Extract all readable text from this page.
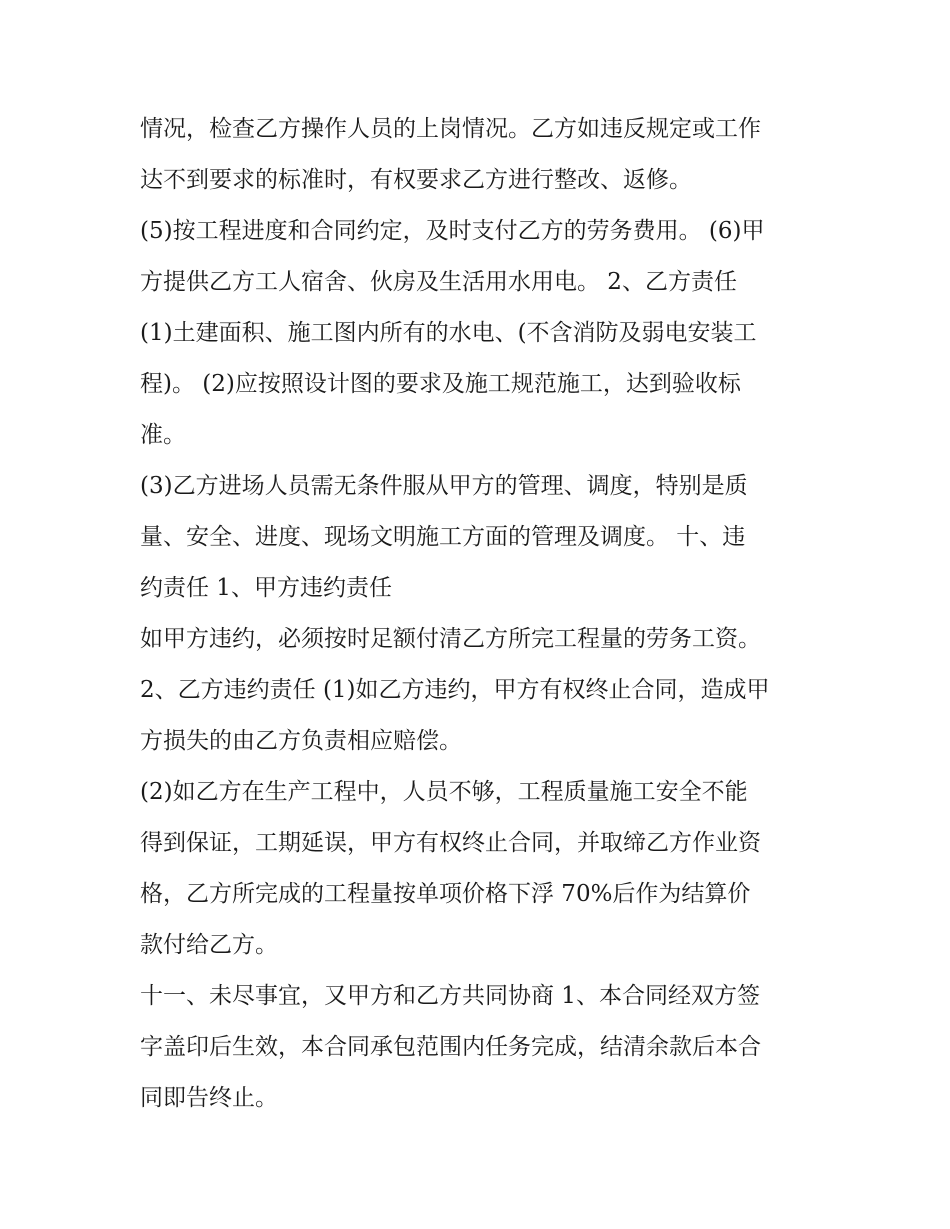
情况，检查乙方操作人员的上岗情况。乙方如违反规定或工作
达不到要求的标准时，有权要求乙方进行整改、返修。
(5)按工程进度和合同约定，及时支付乙方的劳务费用。 (6)甲
方提供乙方工人宿舍、伙房及生活用水用电。 2、乙方责任
(1)土建面积、施工图内所有的水电、(不含消防及弱电安装工
程)。 (2)应按照设计图的要求及施工规范施工，达到验收标
准。
(3)乙方进场人员需无条件服从甲方的管理、调度，特别是质
量、安全、进度、现场文明施工方面的管理及调度。 十、违
约责任 1、甲方违约责任
如甲方违约，必须按时足额付清乙方所完工程量的劳务工资。
2、乙方违约责任 (1)如乙方违约，甲方有权终止合同，造成甲
方损失的由乙方负责相应赔偿。
(2)如乙方在生产工程中，人员不够，工程质量施工安全不能
得到保证，工期延误，甲方有权终止合同，并取缔乙方作业资
格，乙方所完成的工程量按单项价格下浮 70%后作为结算价
款付给乙方。
十一、未尽事宜，又甲方和乙方共同协商 1、本合同经双方签
字盖印后生效，本合同承包范围内任务完成，结清余款后本合
同即告终止。
